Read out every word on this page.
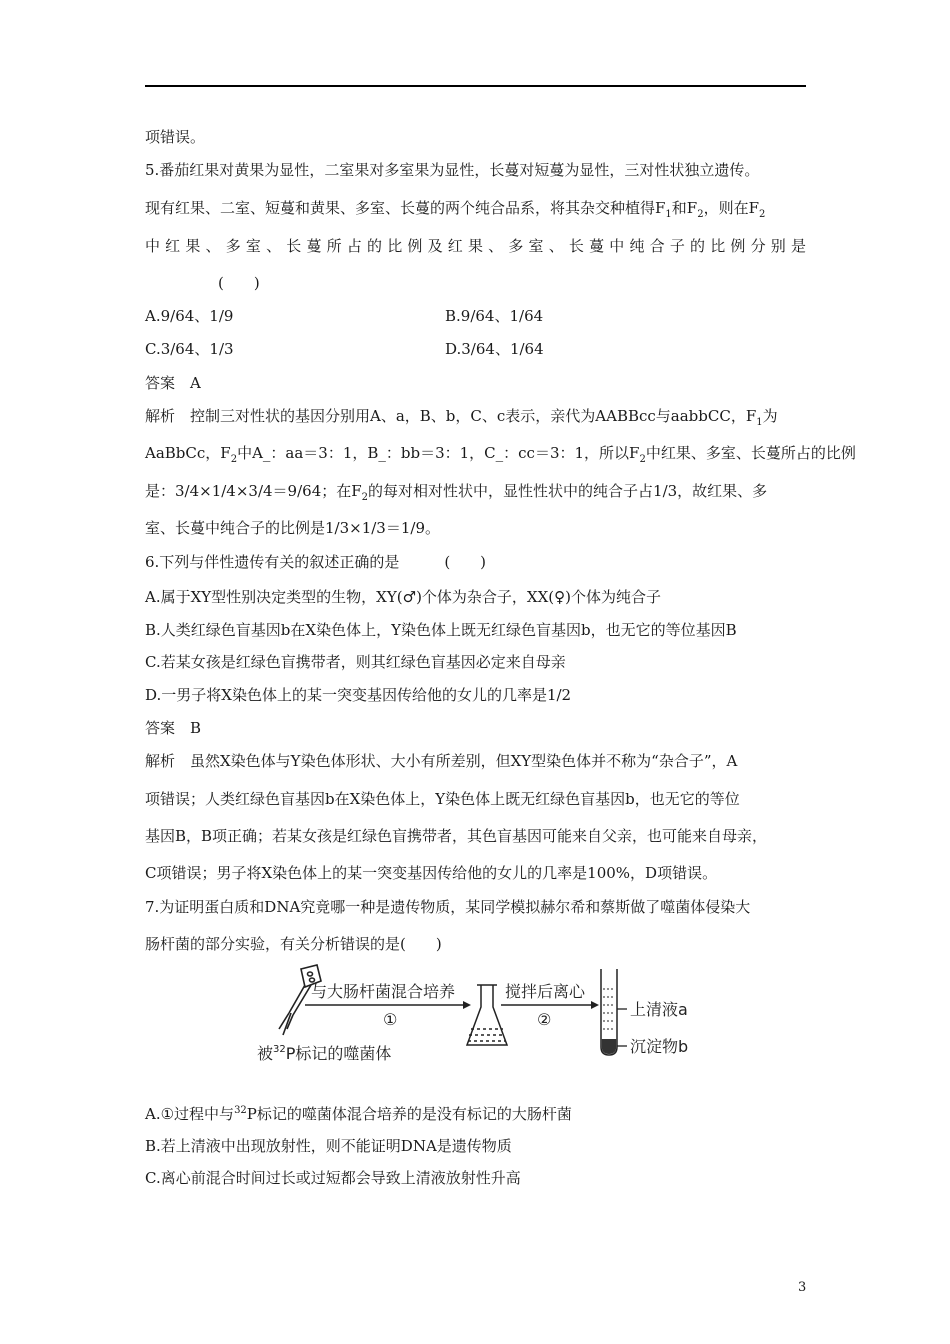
项错误。
5.番茄红果对黄果为显性，二室果对多室果为显性，长蔓对短蔓为显性，三对性状独立遗传。
现有红果、二室、短蔓和黄果、多室、长蔓的两个纯合品系，将其杂交种植得$F_1$和$F_2$，则在$F_2$
中红果、多室、长蔓所占的比例及红果、多室、长蔓中纯合子的比例分别是
(　　)
A.9/64、1/9	B.9/64、1/64
C.3/64、1/3	D.3/64、1/64
答案　A
解析　控制三对性状的基因分别用A、a，B、b，C、c表示，亲代为AABBcc与aabbCC，$F_1$为
AaBbCc，$F_2$中A_：aa＝3：1，B_：bb＝3：1，C_：cc＝3：1，所以$F_2$中红果、多室、长蔓所占的比例
是：3/4×1/4×3/4＝9/64；在$F_2$的每对相对性状中，显性性状中的纯合子占1/3，故红果、多
室、长蔓中纯合子的比例是1/3×1/3＝1/9。
6.下列与伴性遗传有关的叙述正确的是　　　(　　)
A.属于XY型性别决定类型的生物，XY(♂)个体为杂合子，XX(♀)个体为纯合子
B.人类红绿色盲基因b在X染色体上，Y染色体上既无红绿色盲基因b，也无它的等位基因B
C.若某女孩是红绿色盲携带者，则其红绿色盲基因必定来自母亲
D.一男子将X染色体上的某一突变基因传给他的女儿的几率是1/2
答案　B
解析　虽然X染色体与Y染色体形状、大小有所差别，但XY型染色体并不称为“杂合子”，A
项错误；人类红绿色盲基因b在X染色体上，Y染色体上既无红绿色盲基因b，也无它的等位
基因B，B项正确；若某女孩是红绿色盲携带者，其色盲基因可能来自父亲，也可能来自母亲，
C项错误；男子将X染色体上的某一突变基因传给他的女儿的几率是100%，D项错误。
7.为证明蛋白质和DNA究竟哪一种是遗传物质，某同学模拟赫尔希和蔡斯做了噬菌体侵染大
肠杆菌的部分实验，有关分析错误的是(　　)
与大肠杆菌混合培养
①
搅拌后离心
②
上清液a
沉淀物b
被$^{32}$P标记的噬菌体
A.①过程中与$^{32}$P标记的噬菌体混合培养的是没有标记的大肠杆菌
B.若上清液中出现放射性，则不能证明DNA是遗传物质
C.离心前混合时间过长或过短都会导致上清液放射性升高
3
